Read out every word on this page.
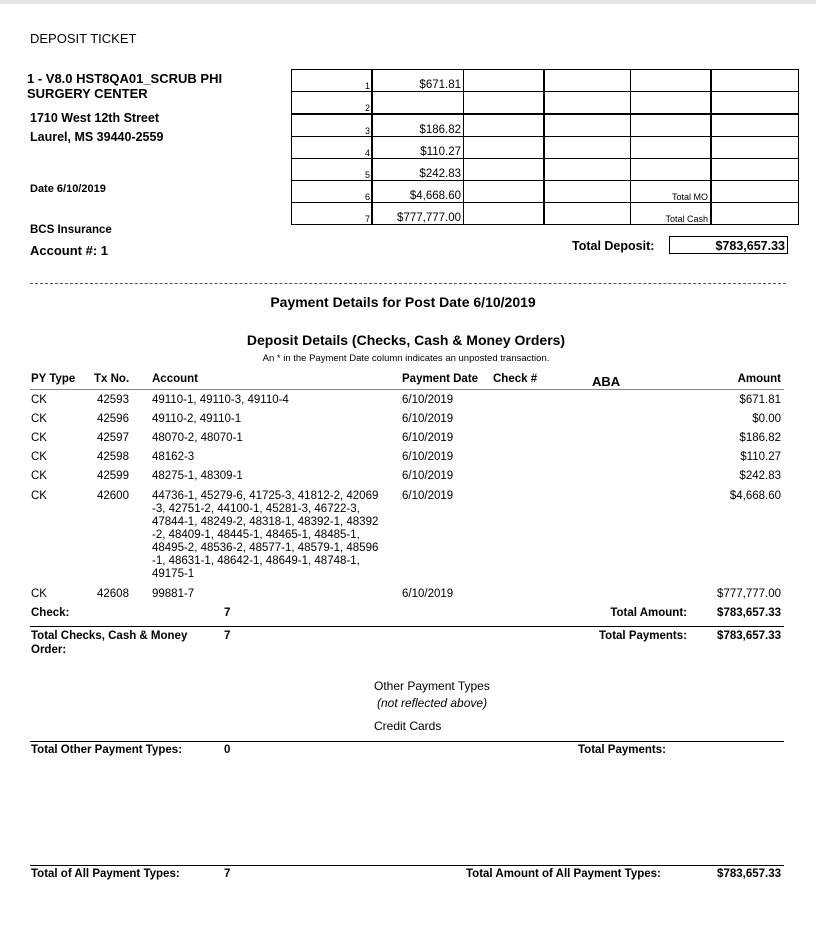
DEPOSIT TICKET
1 - V8.0 HST8QA01_SCRUB PHI
SURGERY CENTER
1710 West 12th Street
Laurel, MS 39440-2559
Date 6/10/2019
BCS Insurance
Account #: 1
1	$671.81				
2					
3	$186.82				
4	$110.27				
5	$242.83				
6	$4,668.60			Total MO	
7	$777,777.00			Total Cash	
Total Deposit:	$783,657.33
Payment Details for Post Date 6/10/2019
Deposit Details (Checks, Cash & Money Orders)
An * in the Payment Date column indicates an unposted transaction.
PY Type Tx No. Account	Payment Date Check #	ABA	Amount
CK	42593 49110-1, 49110-3, 49110-4	6/10/2019	$671.81
CK	42596 49110-2, 49110-1	6/10/2019	$0.00
CK	42597 48070-2, 48070-1	6/10/2019	$186.82
CK	42598 48162-3	6/10/2019	$110.27
CK	42599 48275-1, 48309-1	6/10/2019	$242.83
CK	42600 44736-1, 45279-6, 41725-3, 41812-2, 42069 -3, 42751-2, 44100-1, 45281-3, 46722-3, 47844-1, 48249-2, 48318-1, 48392-1, 48392 -2, 48409-1, 48445-1, 48465-1, 48485-1, 48495-2, 48536-2, 48577-1, 48579-1, 48596 -1, 48631-1, 48642-1, 48649-1, 48748-1, 49175-1
6/10/2019	$4,668.60
CK	42608 99881-7	6/10/2019	$777,777.00
Check:	7	Total Amount:	$783,657.33
Total Checks, Cash & Money
Order:
7	Total Payments:	$783,657.33
Other Payment Types
(not reflected above)
Credit Cards
Total Other Payment Types:	0	Total Payments:
Total of All Payment Types:	7	Total Amount of All Payment Types:	$783,657.33
